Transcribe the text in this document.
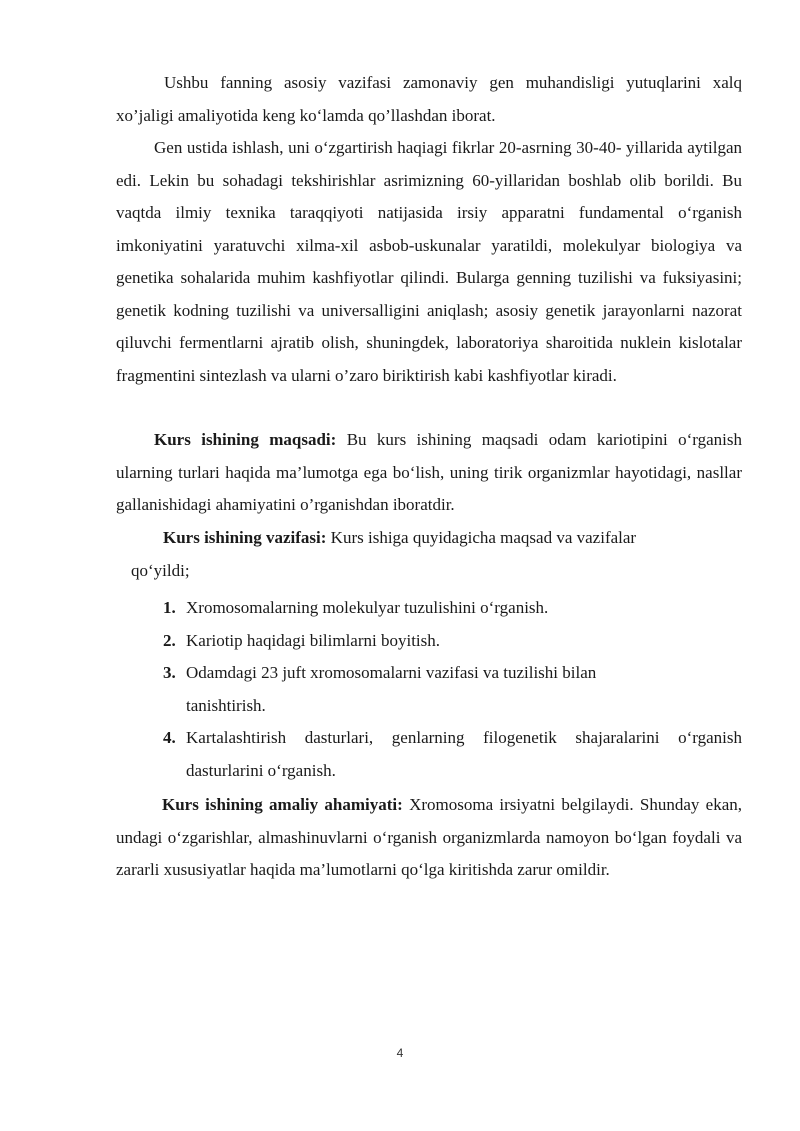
Ushbu fanning asosiy vazifasi zamonaviy gen muhandisligi yutuqlarini xalq xo’jaligi amaliyotida keng ko‘lamda qo’llashdan iborat.

Gen ustida ishlash, uni o‘zgartirish haqiagi fikrlar 20-asrning 30-40- yillarida aytilgan edi. Lekin bu sohadagi tekshirishlar asrimizning 60-yillaridan boshlab olib borildi. Bu vaqtda ilmiy texnika taraqqiyoti natijasida irsiy apparatni fundamental o‘rganish imkoniyatini yaratuvchi xilma-xil asbob-uskunalar yaratildi, molekulyar biologiya va genetika sohalarida muhim kashfiyotlar qilindi. Bularga genning tuzilishi va fuksiyasini; genetik kodning tuzilishi va universalligini aniqlash; asosiy genetik jarayonlarni nazorat qiluvchi fermentlarni ajratib olish, shuningdek, laboratoriya sharoitida nuklein kislotalar fragmentini sintezlash va ularni o’zaro biriktirish kabi kashfiyotlar kiradi.

Kurs ishining maqsadi: Bu kurs ishining maqsadi odam kariotipini o‘rganish ularning turlari haqida ma’lumotga ega bo‘lish, uning tirik organizmlar hayotidagi, nasllar gallanishidagi ahamiyatini o’rganishdan iboratdir.

Kurs ishining vazifasi: Kurs ishiga quyidagicha maqsad va vazifalar

qo‘yildi;

1. Xromosomalarning molekulyar tuzulishini o‘rganish.
2. Kariotip haqidagi bilimlarni boyitish.
3. Odamdagi 23 juft xromosomalarni vazifasi va tuzilishi bilan tanishtirish.
4. Kartalashtirish dasturlari, genlarning filogenetik shajaralarini o‘rganish dasturlarini o‘rganish.

Kurs ishining amaliy ahamiyati: Xromosoma irsiyatni belgilaydi. Shunday ekan, undagi o‘zgarishlar, almashinuvlarni o‘rganish organizmlarda namoyon bo‘lgan foydali va zararli xususiyatlar haqida ma’lumotlarni qo‘lga kiritishda zarur omildir.

4
